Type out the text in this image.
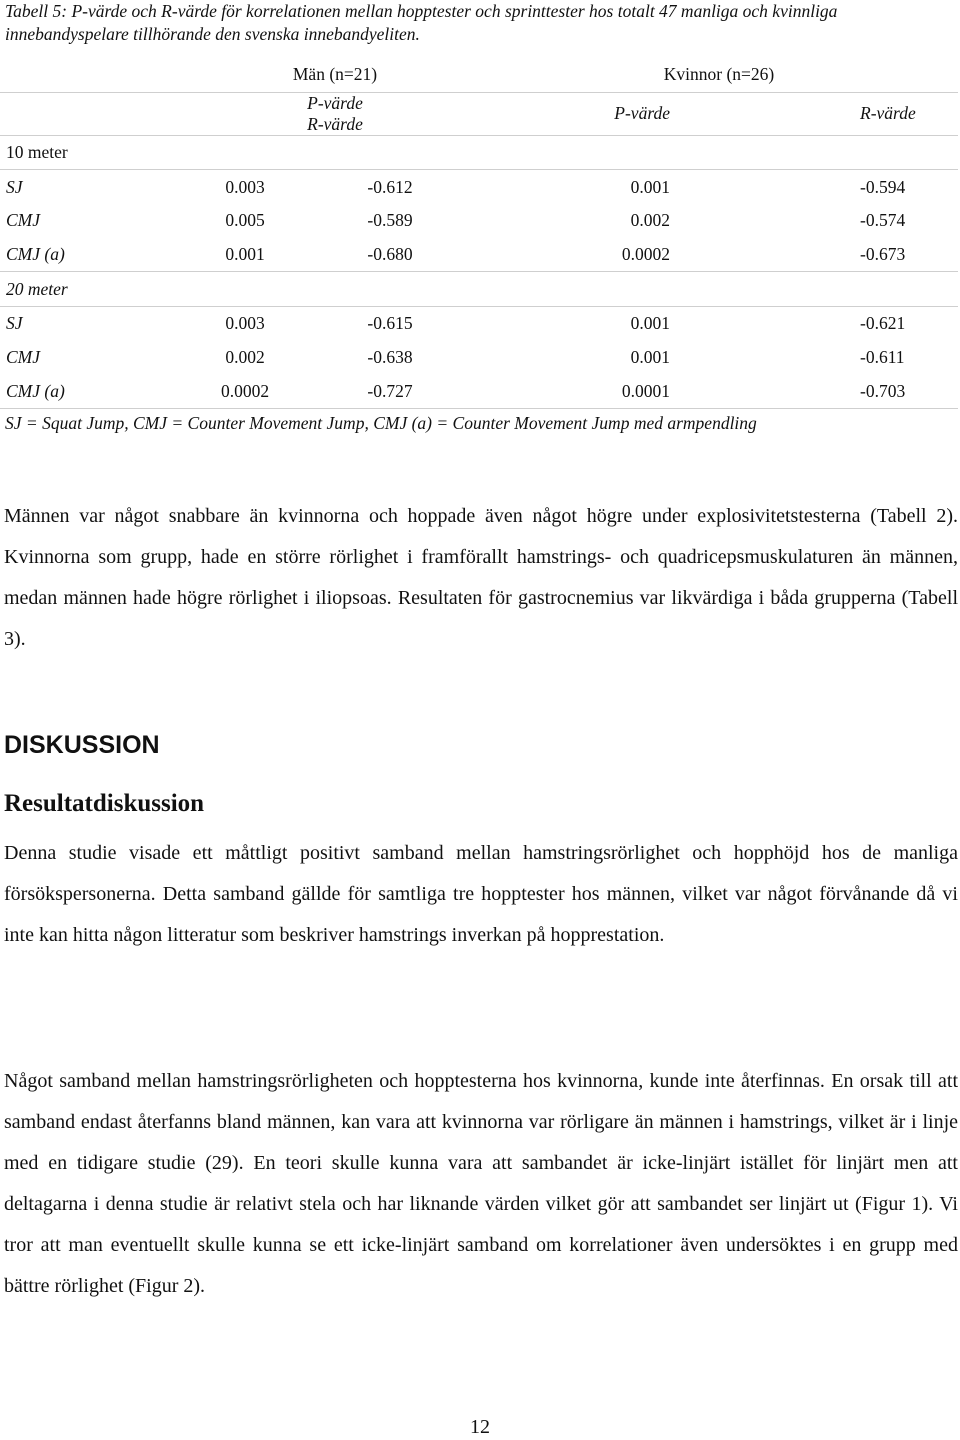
Tabell 5: P-värde och R-värde för korrelationen mellan hopptester och sprinttester hos totalt 47 manliga och kvinnliga innebandyspelare tillhörande den svenska innebandyeliten.
	Män (n=21)		Kvinnor (n=26)		
	P-värde R-värde		P-värde		R-värde
10 meter					
SJ	0.003	-0.612	0.001		-0.594
CMJ	0.005	-0.589	0.002		-0.574
CMJ (a)	0.001	-0.680	0.0002		-0.673
20 meter					
SJ	0.003	-0.615	0.001		-0.621
CMJ	0.002	-0.638	0.001		-0.611
CMJ (a)	0.0002	-0.727	0.0001		-0.703
SJ = Squat Jump, CMJ = Counter Movement Jump, CMJ (a) = Counter Movement Jump med armpendling

Männen var något snabbare än kvinnorna och hoppade även något högre under explosivitetstesterna (Tabell 2). Kvinnorna som grupp, hade en större rörlighet i framförallt hamstrings- och quadricepsmuskulaturen än männen, medan männen hade högre rörlighet i iliopsoas. Resultaten för gastrocnemius var likvärdiga i båda grupperna (Tabell 3).

DISKUSSION
Resultatdiskussion

Denna studie visade ett måttligt positivt samband mellan hamstringsrörlighet och hopphöjd hos de manliga försökspersonerna. Detta samband gällde för samtliga tre hopptester hos männen, vilket var något förvånande då vi inte kan hitta någon litteratur som beskriver hamstrings inverkan på hopprestation.

Något samband mellan hamstringsrörligheten och hopptesterna hos kvinnorna, kunde inte återfinnas. En orsak till att samband endast återfanns bland männen, kan vara att kvinnorna var rörligare än männen i hamstrings, vilket är i linje med en tidigare studie (29). En teori skulle kunna vara att sambandet är icke-linjärt istället för linjärt men att deltagarna i denna studie är relativt stela och har liknande värden vilket gör att sambandet ser linjärt ut (Figur 1). Vi tror att man eventuellt skulle kunna se ett icke-linjärt samband om korrelationer även undersöktes i en grupp med bättre rörlighet (Figur 2).

12
